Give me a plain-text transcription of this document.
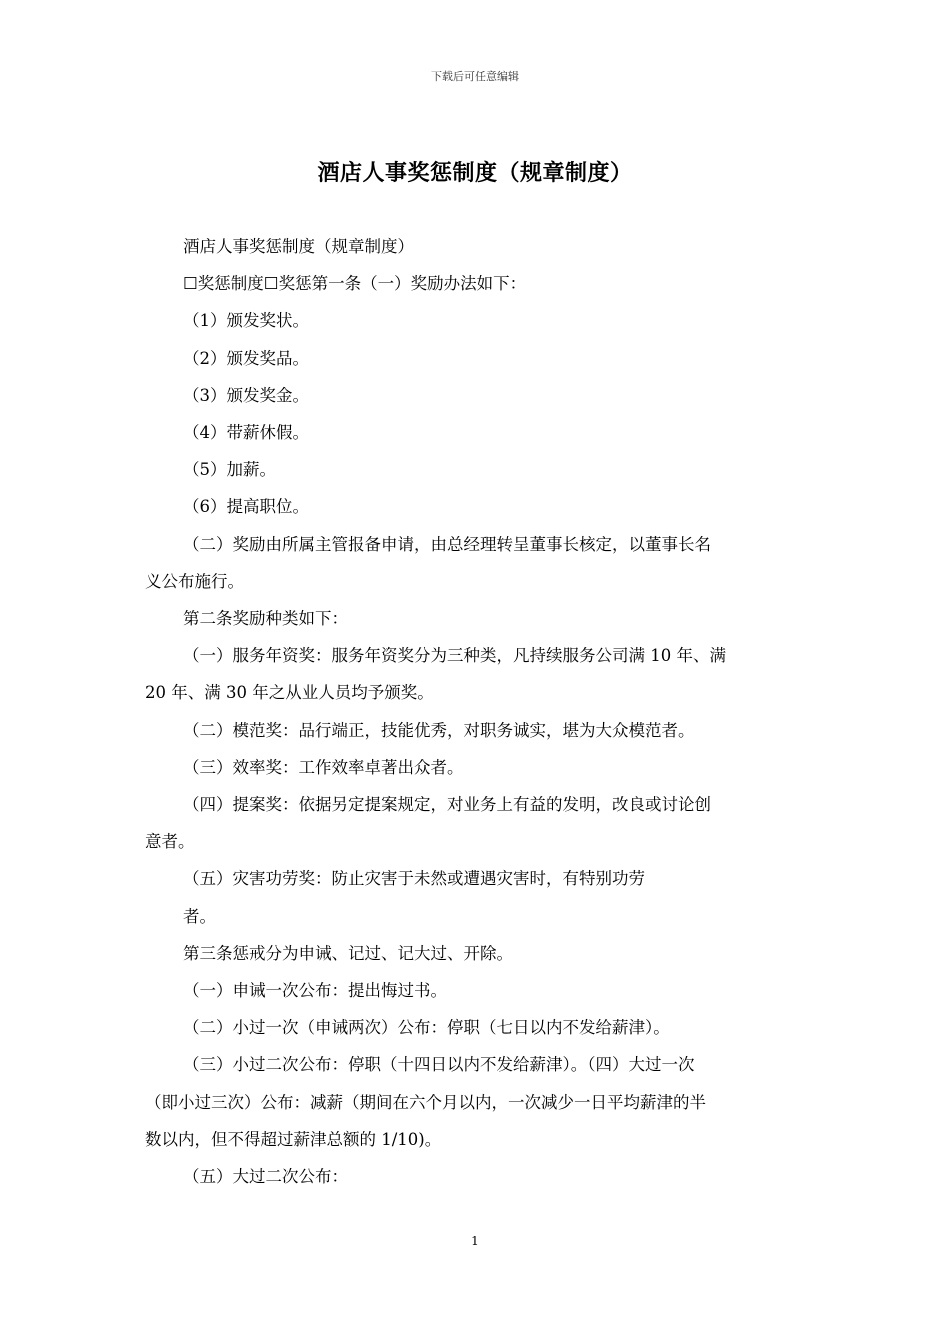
下载后可任意编辑
酒店人事奖惩制度（规章制度）

酒店人事奖惩制度（规章制度）

☐奖惩制度☐奖惩第一条（一）奖励办法如下：

（1）颁发奖状。

（2）颁发奖品。

（3）颁发奖金。

（4）带薪休假。

（5）加薪。

（6）提高职位。

（二）奖励由所属主管报备申请，由总经理转呈董事长核定，以董事长名

义公布施行。

第二条奖励种类如下：

（一）服务年资奖：服务年资奖分为三种类，凡持续服务公司满 10 年、满

20 年、满 30 年之从业人员均予颁奖。

（二）模范奖：品行端正，技能优秀，对职务诚实，堪为大众模范者。

（三）效率奖：工作效率卓著出众者。

（四）提案奖：依据另定提案规定，对业务上有益的发明，改良或讨论创

意者。

（五）灾害功劳奖：防止灾害于未然或遭遇灾害时，有特别功劳

者。

第三条惩戒分为申诫、记过、记大过、开除。

（一）申诫一次公布：提出悔过书。

（二）小过一次（申诫两次）公布：停职（七日以内不发给薪津）。

（三）小过二次公布：停职（十四日以内不发给薪津）。（四）大过一次

（即小过三次）公布：减薪（期间在六个月以内，一次减少一日平均薪津的半

数以内，但不得超过薪津总额的 1/10)。

（五）大过二次公布：

1
